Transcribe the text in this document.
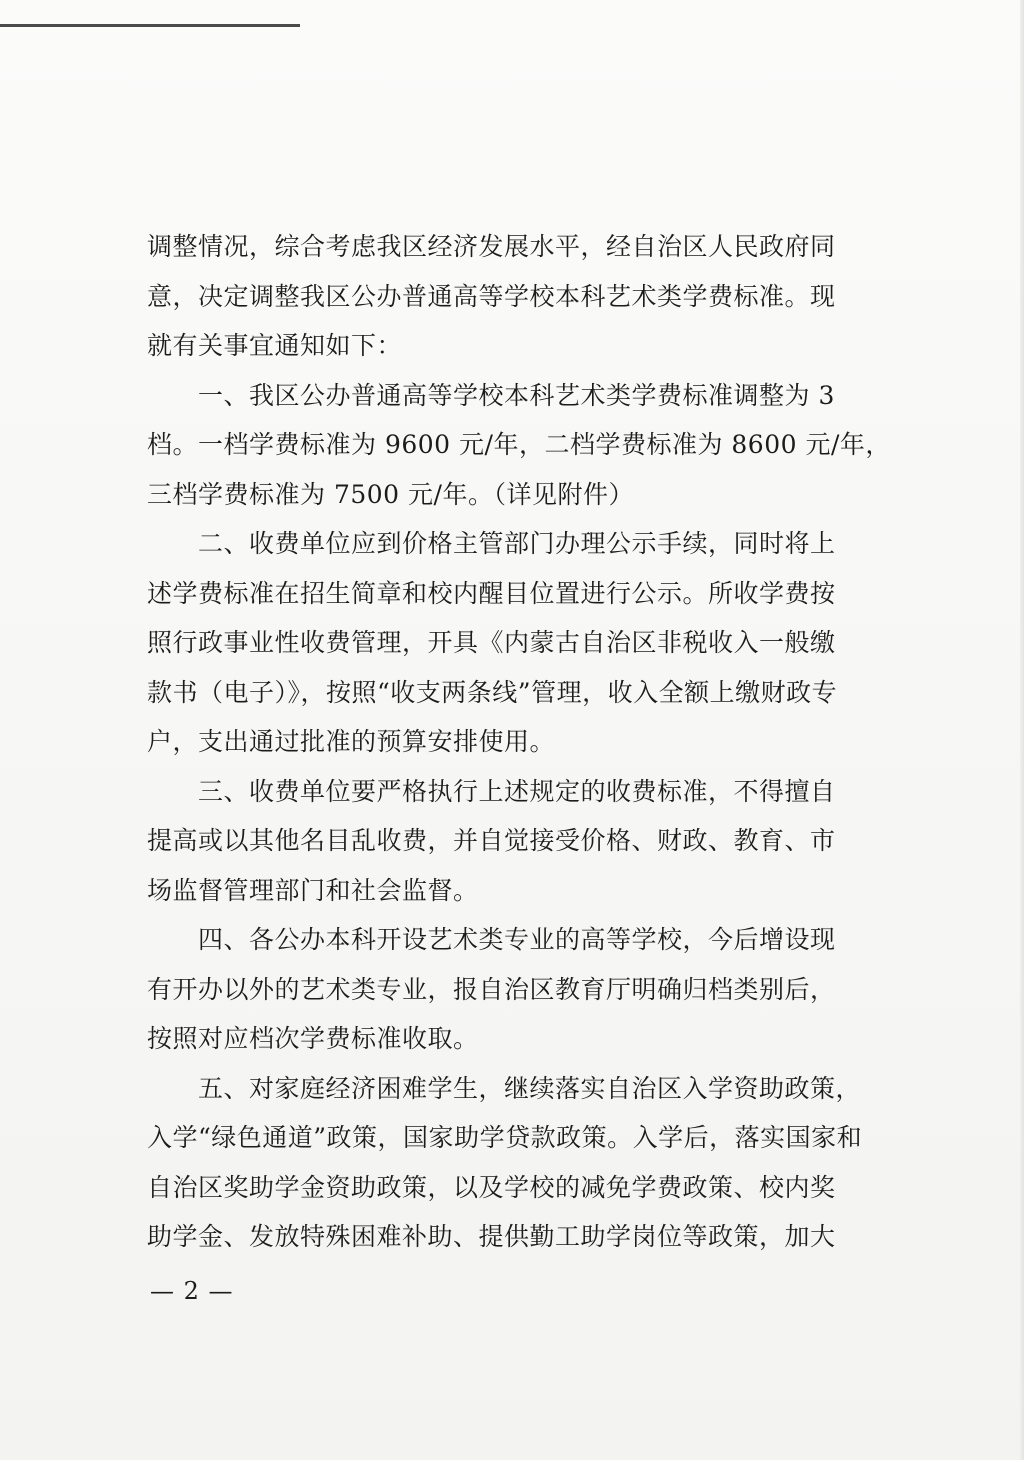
调整情况，综合考虑我区经济发展水平，经自治区人民政府同
意，决定调整我区公办普通高等学校本科艺术类学费标准。现
就有关事宜通知如下：
　　一、我区公办普通高等学校本科艺术类学费标准调整为 3
档。一档学费标准为 9600 元/年，二档学费标准为 8600 元/年，
三档学费标准为 7500 元/年。（详见附件）
　　二、收费单位应到价格主管部门办理公示手续，同时将上
述学费标准在招生简章和校内醒目位置进行公示。所收学费按
照行政事业性收费管理，开具《内蒙古自治区非税收入一般缴
款书（电子）》，按照“收支两条线”管理，收入全额上缴财政专
户，支出通过批准的预算安排使用。
　　三、收费单位要严格执行上述规定的收费标准，不得擅自
提高或以其他名目乱收费，并自觉接受价格、财政、教育、市
场监督管理部门和社会监督。
　　四、各公办本科开设艺术类专业的高等学校，今后增设现
有开办以外的艺术类专业，报自治区教育厅明确归档类别后，
按照对应档次学费标准收取。
　　五、对家庭经济困难学生，继续落实自治区入学资助政策，
入学“绿色通道”政策，国家助学贷款政策。入学后，落实国家和
自治区奖助学金资助政策，以及学校的减免学费政策、校内奖
助学金、发放特殊困难补助、提供勤工助学岗位等政策，加大
— 2 —
